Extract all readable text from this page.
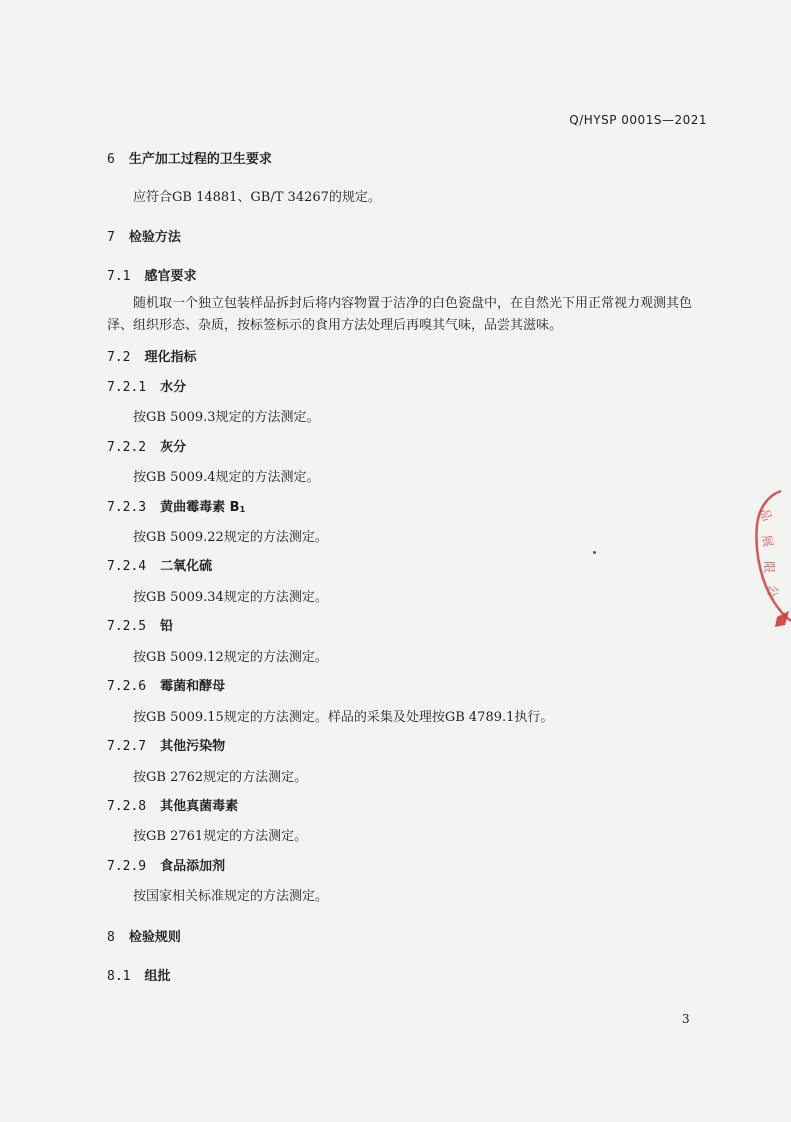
Q/HYSP 0001S—2021
6 生产加工过程的卫生要求
应符合GB 14881、GB/T 34267的规定。
7 检验方法
7.1 感官要求
随机取一个独立包装样品拆封后将内容物置于洁净的白色瓷盘中，在自然光下用正常视力观测其色泽、组织形态、杂质，按标签标示的食用方法处理后再嗅其气味，品尝其滋味。
7.2 理化指标
7.2.1 水分
按GB 5009.3规定的方法测定。
7.2.2 灰分
按GB 5009.4规定的方法测定。
7.2.3 黄曲霉毒素 B1
按GB 5009.22规定的方法测定。
7.2.4 二氧化硫
按GB 5009.34规定的方法测定。
7.2.5 铅
按GB 5009.12规定的方法测定。
7.2.6 霉菌和酵母
按GB 5009.15规定的方法测定。样品的采集及处理按GB 4789.1执行。
7.2.7 其他污染物
按GB 2762规定的方法测定。
7.2.8 其他真菌毒素
按GB 2761规定的方法测定。
7.2.9 食品添加剂
按国家相关标准规定的方法测定。
8 检验规则
8.1 组批
3
品
展
限
公
